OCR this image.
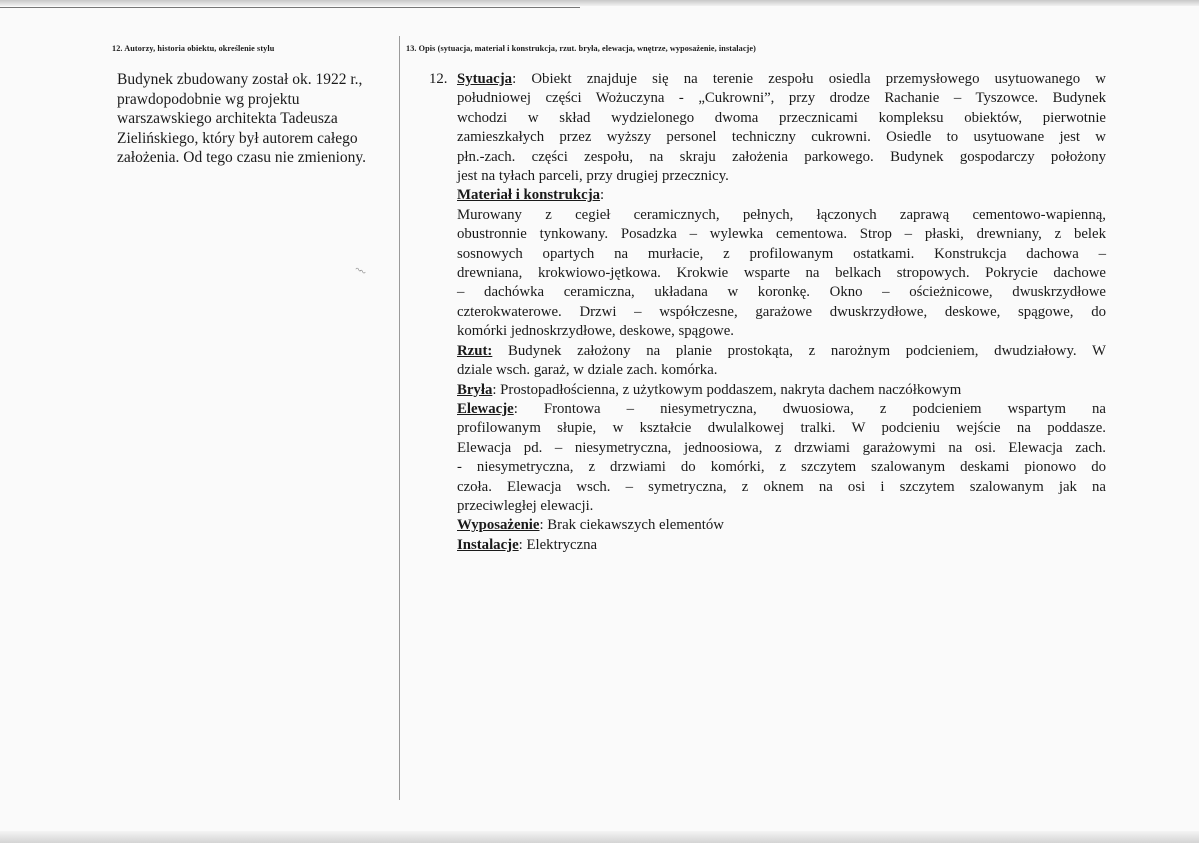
~~
12. Autorzy, historia obiektu, określenie stylu
Budynek zbudowany został ok. 1922 r.,
prawdopodobnie wg projektu
warszawskiego architekta Tadeusza
Zielińskiego, który był autorem całego
założenia. Od tego czasu nie zmieniony.
13. Opis (sytuacja, materiał i konstrukcja, rzut. bryła, elewacja, wnętrze, wyposażenie, instalacje)
12. Sytuacja: Obiekt znajduje się na terenie zespołu osiedla przemysłowego usytuowanego w
południowej części Wożuczyna - „Cukrowni”, przy drodze Rachanie – Tyszowce. Budynek
wchodzi w skład wydzielonego dwoma przecznicami kompleksu obiektów, pierwotnie
zamieszkałych przez wyższy personel techniczny cukrowni. Osiedle to usytuowane jest w
płn.-zach. części zespołu, na skraju założenia parkowego. Budynek gospodarczy położony
jest na tyłach parceli, przy drugiej przecznicy.
Materiał i konstrukcja:
Murowany z cegieł ceramicznych, pełnych, łączonych zaprawą cementowo-wapienną,
obustronnie tynkowany. Posadzka – wylewka cementowa. Strop – płaski, drewniany, z belek
sosnowych opartych na murłacie, z profilowanym ostatkami. Konstrukcja dachowa –
drewniana, krokwiowo-jętkowa. Krokwie wsparte na belkach stropowych. Pokrycie dachowe
– dachówka ceramiczna, układana w koronkę. Okno – ościeżnicowe, dwuskrzydłowe
czterokwaterowe. Drzwi – współczesne, garażowe dwuskrzydłowe, deskowe, spągowe, do
komórki jednoskrzydłowe, deskowe, spągowe.
Rzut: Budynek założony na planie prostokąta, z narożnym podcieniem, dwudziałowy. W
dziale wsch. garaż, w dziale zach. komórka.
Bryła: Prostopadłościenna, z użytkowym poddaszem, nakryta dachem naczółkowym
Elewacje: Frontowa – niesymetryczna, dwuosiowa, z podcieniem wspartym na
profilowanym słupie, w kształcie dwulalkowej tralki. W podcieniu wejście na poddasze.
Elewacja pd. – niesymetryczna, jednoosiowa, z drzwiami garażowymi na osi. Elewacja zach.
- niesymetryczna, z drzwiami do komórki, z szczytem szalowanym deskami pionowo do
czoła. Elewacja wsch. – symetryczna, z oknem na osi i szczytem szalowanym jak na
przeciwległej elewacji.
Wyposażenie: Brak ciekawszych elementów
Instalacje: Elektryczna
